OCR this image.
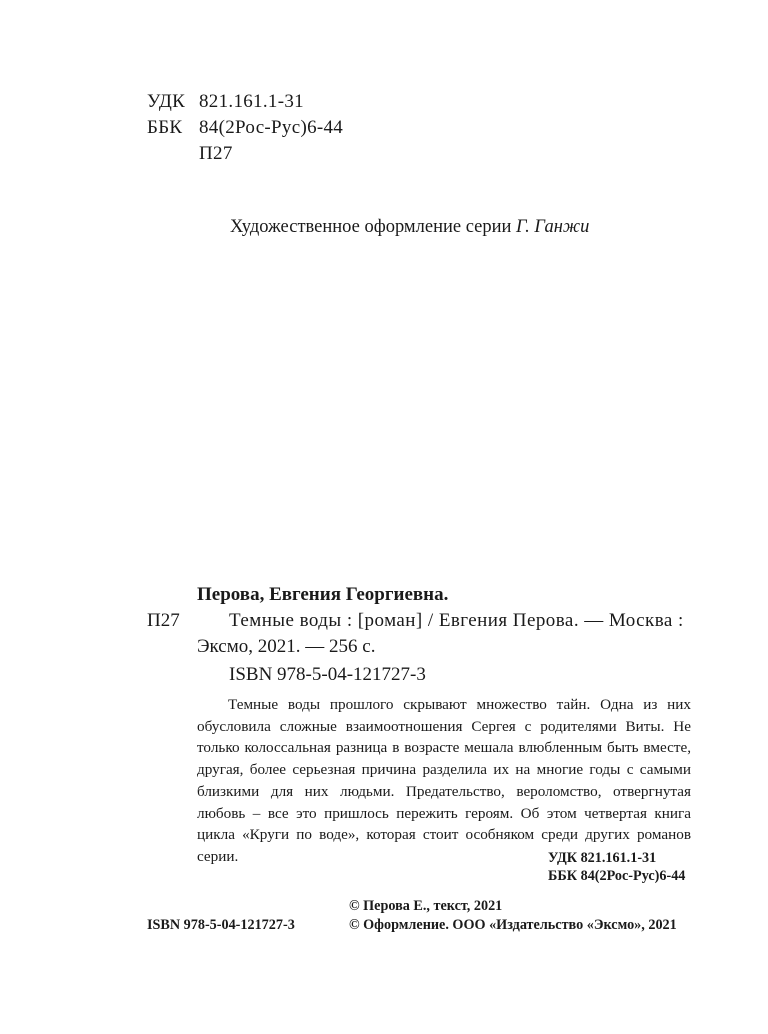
УДК 821.161.1-31
ББК 84(2Рос-Рус)6-44
П27
Художественное оформление серии Г. Ганжи
Перова, Евгения Георгиевна.
П27	Темные воды : [роман] / Евгения Перова. — Москва :
Эксмо, 2021. — 256 с.
ISBN 978-5-04-121727-3
Темные воды прошлого скрывают множество тайн. Одна из них обусловила сложные взаимоотношения Сергея с родителями Виты. Не только колоссальная разница в возрасте мешала влюбленным быть вместе, другая, более серьезная причина разделила их на многие годы с самыми близкими для них людьми. Предательство, вероломство, отвергнутая любовь – все это пришлось пережить героям. Об этом четвертая книга цикла «Круги по воде», которая стоит особняком среди других романов серии.	УДК 821.161.1-31
ББК 84(2Рос-Рус)6-44
© Перова Е., текст, 2021
© Оформление. ООО «Издательство «Эксмо», 2021
ISBN 978-5-04-121727-3
